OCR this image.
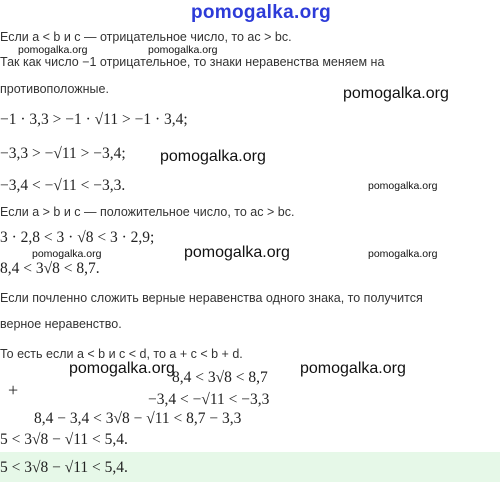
pomogalka.org
pomogalka.org	pomogalka.org
pomogalka.org
pomogalka.org
pomogalka.org
pomogalka.org
pomogalka.org	pomogalka.org
pomogalka.org	pomogalka.org
Если a < b и c — отрицательное число, то ac > bc.
Так как число −1 отрицательное, то знаки неравенства меняем на
противоположные.
−1 · 3,3 > −1 · √11 > −1 · 3,4;
−3,3 > −√11 > −3,4;
−3,4 < −√11 < −3,3.
Если a > b и c — положительное число, то ac > bc.
3 · 2,8 < 3 · √8 < 3 · 2,9;
8,4 < 3√8 < 8,7.
Если почленно сложить верные неравенства одного знака, то получится
верное неравенство.
То есть если a < b и c < d, то a + c < b + d.
+
8,4 < 3√8 < 8,7
−3,4 < −√11 < −3,3
8,4 − 3,4 < 3√8 − √11 < 8,7 − 3,3
5 < 3√8 − √11 < 5,4.
5 < 3√8 − √11 < 5,4.
